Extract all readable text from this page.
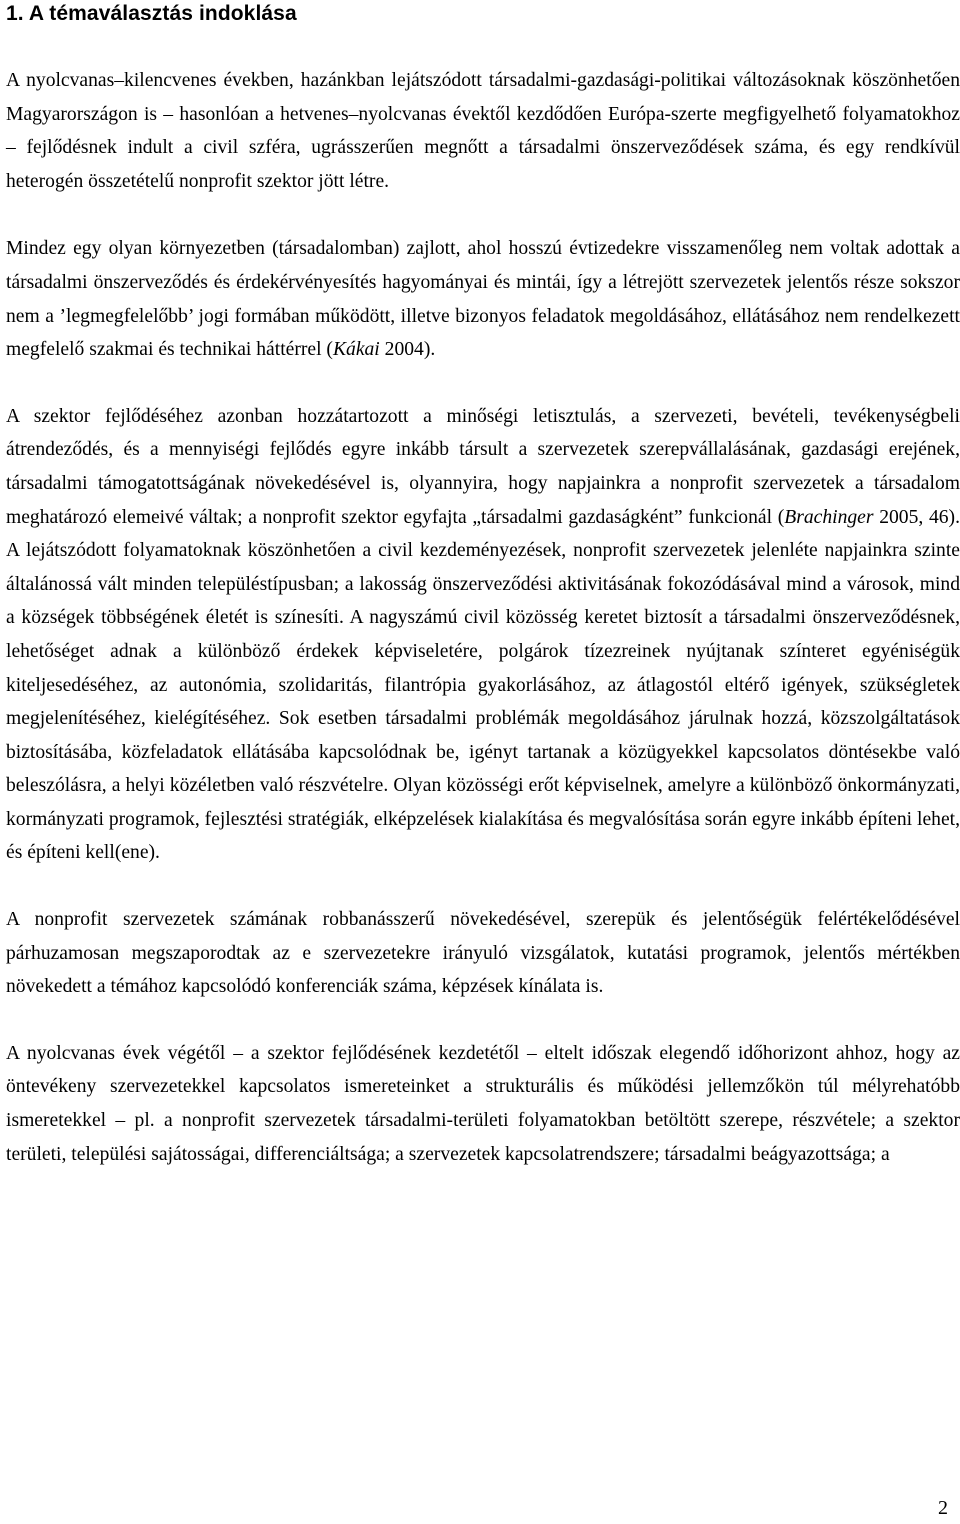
1. A témaválasztás indoklása

A nyolcvanas–kilencvenes években, hazánkban lejátszódott társadalmi-gazdasági-politikai változásoknak köszönhetően Magyarországon is – hasonlóan a hetvenes–nyolcvanas évektől kezdődően Európa-szerte megfigyelhető folyamatokhoz – fejlődésnek indult a civil szféra, ugrásszerűen megnőtt a társadalmi önszerveződések száma, és egy rendkívül heterogén összetételű nonprofit szektor jött létre.

Mindez egy olyan környezetben (társadalomban) zajlott, ahol hosszú évtizedekre visszamenőleg nem voltak adottak a társadalmi önszerveződés és érdekérvényesítés hagyományai és mintái, így a létrejött szervezetek jelentős része sokszor nem a ’legmegfelelőbb’ jogi formában működött, illetve bizonyos feladatok megoldásához, ellátásához nem rendelkezett megfelelő szakmai és technikai háttérrel (Kákai 2004).

A szektor fejlődéséhez azonban hozzátartozott a minőségi letisztulás, a szervezeti, bevételi, tevékenységbeli átrendeződés, és a mennyiségi fejlődés egyre inkább társult a szervezetek szerepvállalásának, gazdasági erejének, társadalmi támogatottságának növekedésével is, olyannyira, hogy napjainkra a nonprofit szervezetek a társadalom meghatározó elemeivé váltak; a nonprofit szektor egyfajta „társadalmi gazdaságként” funkcionál (Brachinger 2005, 46). A lejátszódott folyamatoknak köszönhetően a civil kezdeményezések, nonprofit szervezetek jelenléte napjainkra szinte általánossá vált minden településtípusban; a lakosság önszerveződési aktivitásának fokozódásával mind a városok, mind a községek többségének életét is színesíti. A nagyszámú civil közösség keretet biztosít a társadalmi önszerveződésnek, lehetőséget adnak a különböző érdekek képviseletére, polgárok tízezreinek nyújtanak színteret egyéniségük kiteljesedéséhez, az autonómia, szolidaritás, filantrópia gyakorlásához, az átlagostól eltérő igények, szükségletek megjelenítéséhez, kielégítéséhez. Sok esetben társadalmi problémák megoldásához járulnak hozzá, közszolgáltatások biztosításába, közfeladatok ellátásába kapcsolódnak be, igényt tartanak a közügyekkel kapcsolatos döntésekbe való beleszólásra, a helyi közéletben való részvételre. Olyan közösségi erőt képviselnek, amelyre a különböző önkormányzati, kormányzati programok, fejlesztési stratégiák, elképzelések kialakítása és megvalósítása során egyre inkább építeni lehet, és építeni kell(ene).

A nonprofit szervezetek számának robbanásszerű növekedésével, szerepük és jelentőségük felértékelődésével párhuzamosan megszaporodtak az e szervezetekre irányuló vizsgálatok, kutatási programok, jelentős mértékben növekedett a témához kapcsolódó konferenciák száma, képzések kínálata is.

A nyolcvanas évek végétől – a szektor fejlődésének kezdetétől – eltelt időszak elegendő időhorizont ahhoz, hogy az öntevékeny szervezetekkel kapcsolatos ismereteinket a strukturális és működési jellemzőkön túl mélyrehatóbb ismeretekkel – pl. a nonprofit szervezetek társadalmi-területi folyamatokban betöltött szerepe, részvétele; a szektor területi, települési sajátosságai, differenciáltsága; a szervezetek kapcsolatrendszere; társadalmi beágyazottsága; a

2
